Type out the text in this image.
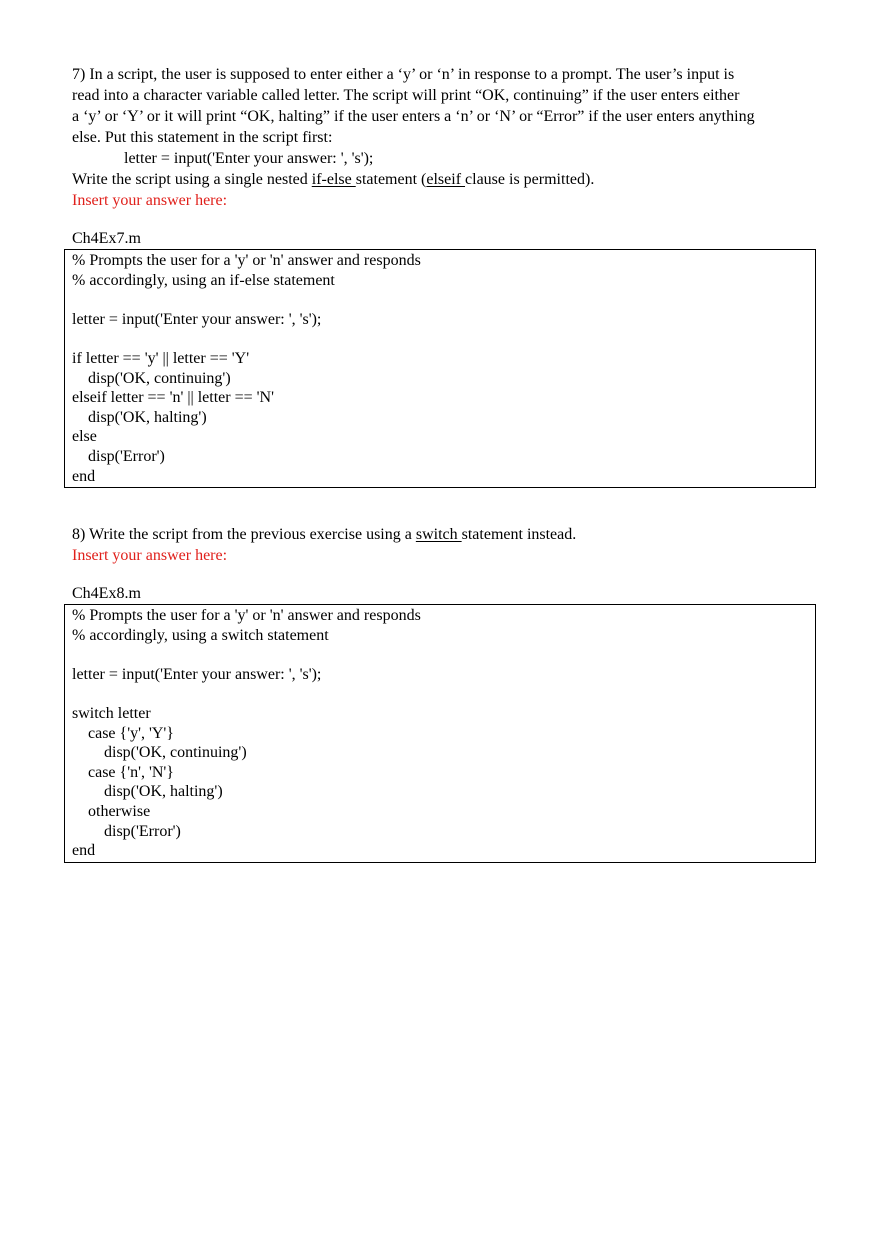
7) In a script, the user is supposed to enter either a ‘y’ or ‘n’ in response to a prompt. The user’s input is

read into a character variable called letter. The script will print “OK, continuing” if the user enters either

a ‘y’ or ‘Y’ or it will print “OK, halting” if the user enters a ‘n’ or ‘N’ or “Error” if the user enters anything

else. Put this statement in the script first:

letter = input('Enter your answer: ', 's');

Write the script using a single nested if-else statement (elseif clause is permitted).

Insert your answer here:

Ch4Ex7.m

% Prompts the user for a 'y' or 'n' answer and responds
% accordingly, using an if-else statement
letter = input('Enter your answer: ', 's');
if letter == 'y' || letter == 'Y'
disp('OK, continuing')
elseif letter == 'n' || letter == 'N'
disp('OK, halting')
else
disp('Error')
end

8) Write the script from the previous exercise using a switch statement instead.

Insert your answer here:

Ch4Ex8.m

% Prompts the user for a 'y' or 'n' answer and responds
% accordingly, using a switch statement
letter = input('Enter your answer: ', 's');
switch letter
case {'y', 'Y'}
disp('OK, continuing')
case {'n', 'N'}
disp('OK, halting')
otherwise
disp('Error')
end
